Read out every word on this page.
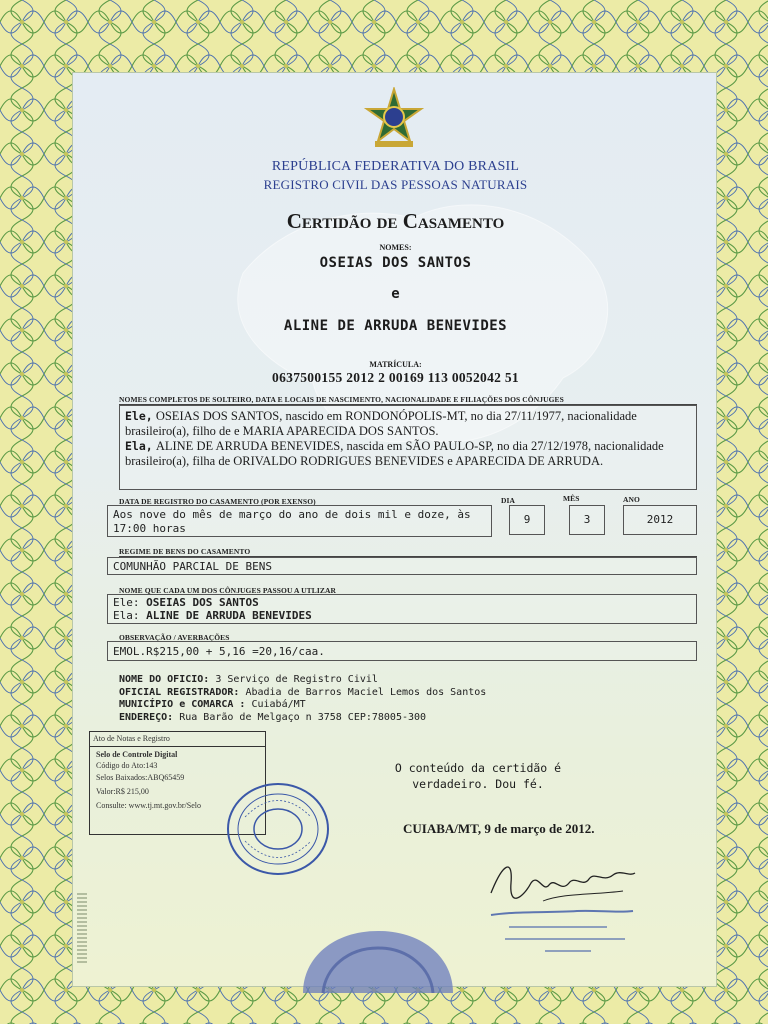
REPÚBLICA FEDERATIVA DO BRASIL
REGISTRO CIVIL DAS PESSOAS NATURAIS
Certidão de Casamento
NOMES:
OSEIAS DOS SANTOS
e
ALINE DE ARRUDA BENEVIDES
MATRÍCULA:
0637500155 2012 2 00169 113 0052042 51
NOMES COMPLETOS DE SOLTEIRO, DATA E LOCAIS DE NASCIMENTO, NACIONALIDADE E FILIAÇÕES DOS CÔNJUGES
Ele, OSEIAS DOS SANTOS, nascido em RONDONÓPOLIS-MT, no dia 27/11/1977, nacionalidade brasileiro(a), filho de e MARIA APARECIDA DOS SANTOS.
Ela, ALINE DE ARRUDA BENEVIDES, nascida em SÃO PAULO-SP, no dia 27/12/1978, nacionalidade brasileiro(a), filha de ORIVALDO RODRIGUES BENEVIDES e APARECIDA DE ARRUDA.
DATA DE REGISTRO DO CASAMENTO (POR EXENSO)	DIA	MÊS	ANO
Aos nove do mês de março do ano de dois mil e doze, às 17:00 horas
9	3	2012
REGIME DE BENS DO CASAMENTO
COMUNHÃO PARCIAL DE BENS
NOME QUE CADA UM DOS CÔNJUGES PASSOU A UTLIZAR
Ele: OSEIAS DOS SANTOS
Ela: ALINE DE ARRUDA BENEVIDES
OBSERVAÇÃO / AVERBAÇÕES
EMOL.R$215,00 + 5,16 =20,16/caa.
NOME DO OFICIO: 3 Serviço de Registro Civil
OFICIAL REGISTRADOR: Abadia de Barros Maciel Lemos dos Santos
MUNICÍPIO e COMARCA : Cuiabá/MT
ENDEREÇO: Rua Barão de Melgaço n 3758 CEP:78005-300
Ato de Notas e Registro
Selo de Controle Digital
Código do Ato:143
Selos Baixados:ABQ65459
Valor:R$ 215,00
Consulte: www.tj.mt.gov.br/Selo
O conteúdo da certidão é
verdadeiro. Dou fé.
CUIABA/MT, 9 de março de 2012.
